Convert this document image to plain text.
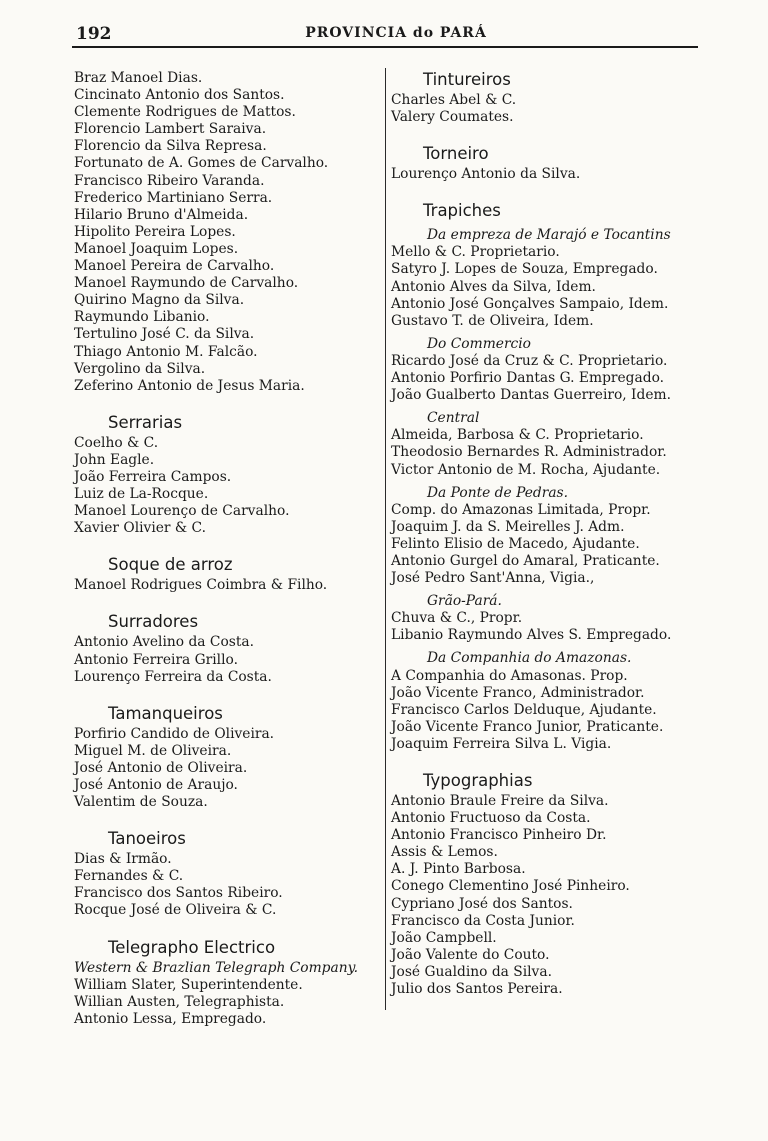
192	PROVINCIA do PARÁ
Braz Manoel Dias.
Cincinato Antonio dos Santos.
Clemente Rodrigues de Mattos.
Florencio Lambert Saraiva.
Florencio da Silva Represa.
Fortunato de A. Gomes de Carvalho.
Francisco Ribeiro Varanda.
Frederico Martiniano Serra.
Hilario Bruno d'Almeida.
Hipolito Pereira Lopes.
Manoel Joaquim Lopes.
Manoel Pereira de Carvalho.
Manoel Raymundo de Carvalho.
Quirino Magno da Silva.
Raymundo Libanio.
Tertulino José C. da Silva.
Thiago Antonio M. Falcão.
Vergolino da Silva.
Zeferino Antonio de Jesus Maria.
Serrarias
Coelho & C.
John Eagle.
João Ferreira Campos.
Luiz de La-Rocque.
Manoel Lourenço de Carvalho.
Xavier Olivier & C.
Soque de arroz
Manoel Rodrigues Coimbra & Filho.
Surradores
Antonio Avelino da Costa.
Antonio Ferreira Grillo.
Lourenço Ferreira da Costa.
Tamanqueiros
Porfirio Candido de Oliveira.
Miguel M. de Oliveira.
José Antonio de Oliveira.
José Antonio de Araujo.
Valentim de Souza.
Tanoeiros
Dias & Irmão.
Fernandes & C.
Francisco dos Santos Ribeiro.
Rocque José de Oliveira & C.
Telegrapho Electrico
Western & Brazlian Telegraph Company.
William Slater, Superintendente.
Willian Austen, Telegraphista.
Antonio Lessa, Empregado.
Tintureiros
Charles Abel & C.
Valery Coumates.
Torneiro
Lourenço Antonio da Silva.
Trapiches
Da empreza de Marajó e Tocantins
Mello & C. Proprietario.
Satyro J. Lopes de Souza, Empregado.
Antonio Alves da Silva, Idem.
Antonio José Gonçalves Sampaio, Idem.
Gustavo T. de Oliveira, Idem.
Do Commercio
Ricardo José da Cruz & C. Proprietario.
Antonio Porfirio Dantas G. Empregado.
João Gualberto Dantas Guerreiro, Idem.
Central
Almeida, Barbosa & C. Proprietario.
Theodosio Bernardes R. Administrador.
Victor Antonio de M. Rocha, Ajudante.
Da Ponte de Pedras.
Comp. do Amazonas Limitada, Propr.
Joaquim J. da S. Meirelles J. Adm.
Felinto Elisio de Macedo, Ajudante.
Antonio Gurgel do Amaral, Praticante.
José Pedro Sant'Anna, Vigia.,
Grão-Pará.
Chuva & C., Propr.
Libanio Raymundo Alves S. Empregado.
Da Companhia do Amazonas.
A Companhia do Amasonas. Prop.
João Vicente Franco, Administrador.
Francisco Carlos Delduque, Ajudante.
João Vicente Franco Junior, Praticante.
Joaquim Ferreira Silva L. Vigia.
Typographias
Antonio Braule Freire da Silva.
Antonio Fructuoso da Costa.
Antonio Francisco Pinheiro Dr.
Assis & Lemos.
A. J. Pinto Barbosa.
Conego Clementino José Pinheiro.
Cypriano José dos Santos.
Francisco da Costa Junior.
João Campbell.
João Valente do Couto.
José Gualdino da Silva.
Julio dos Santos Pereira.
